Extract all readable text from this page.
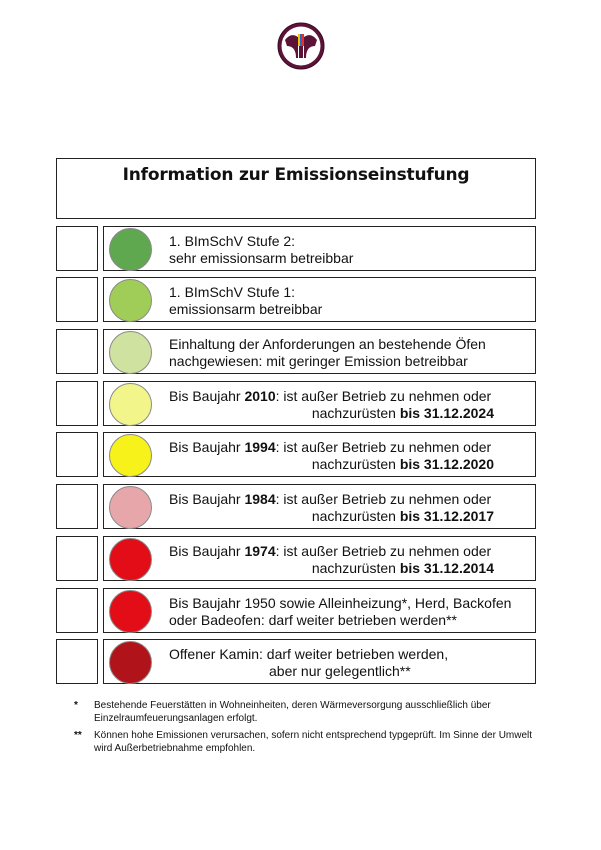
Information zur Emissionseinstufung
1. BImSchV Stufe 2:
sehr emissionsarm betreibbar
1. BImSchV Stufe 1:
emissionsarm betreibbar
Einhaltung der Anforderungen an bestehende Öfen
nachgewiesen: mit geringer Emission betreibbar
Bis Baujahr 2010: ist außer Betrieb zu nehmen oder
nachzurüsten bis 31.12.2024
Bis Baujahr 1994: ist außer Betrieb zu nehmen oder
nachzurüsten bis 31.12.2020
Bis Baujahr 1984: ist außer Betrieb zu nehmen oder
nachzurüsten bis 31.12.2017
Bis Baujahr 1974: ist außer Betrieb zu nehmen oder
nachzurüsten bis 31.12.2014
Bis Baujahr 1950 sowie Alleinheizung*, Herd, Backofen
oder Badeofen: darf weiter betrieben werden**
Offener Kamin: darf weiter betrieben werden,
aber nur gelegentlich**
* Bestehende Feuerstätten in Wohneinheiten, deren Wärmeversorgung ausschließlich über Einzelraumfeuerungsanlagen erfolgt.
** Können hohe Emissionen verursachen, sofern nicht entsprechend typgeprüft. Im Sinne der Umwelt wird Außerbetriebnahme empfohlen.
